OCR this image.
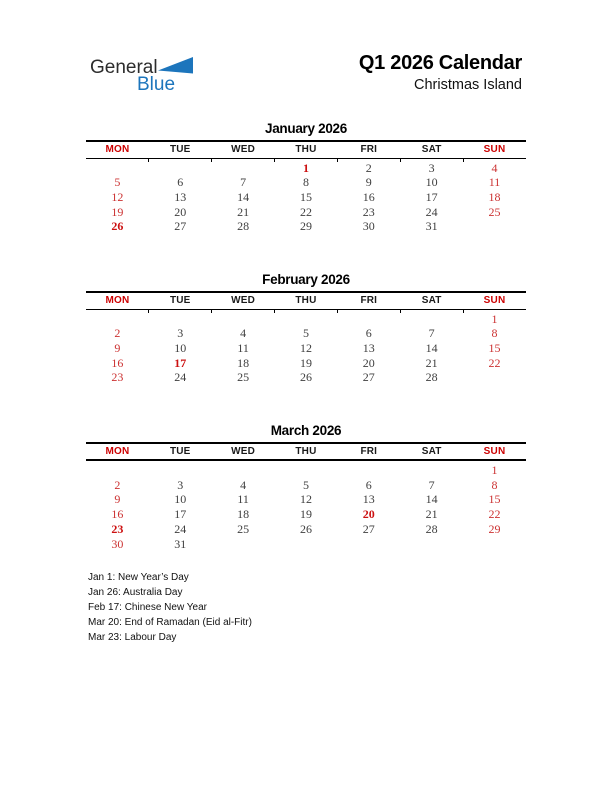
General
Blue
Q1 2026 Calendar
Christmas Island
January 2026
MON	TUE	WED	THU	FRI	SAT	SUN
			1	2	3	4
5	6	7	8	9	10	11
12	13	14	15	16	17	18
19	20	21	22	23	24	25
26	27	28	29	30	31	
February 2026
MON	TUE	WED	THU	FRI	SAT	SUN
						1
2	3	4	5	6	7	8
9	10	11	12	13	14	15
16	17	18	19	20	21	22
23	24	25	26	27	28	
March 2026
MON	TUE	WED	THU	FRI	SAT	SUN
						1
2	3	4	5	6	7	8
9	10	11	12	13	14	15
16	17	18	19	20	21	22
23	24	25	26	27	28	29
30	31					
Jan 1: New Year’s Day
Jan 26: Australia Day
Feb 17: Chinese New Year
Mar 20: End of Ramadan (Eid al-Fitr)
Mar 23: Labour Day
